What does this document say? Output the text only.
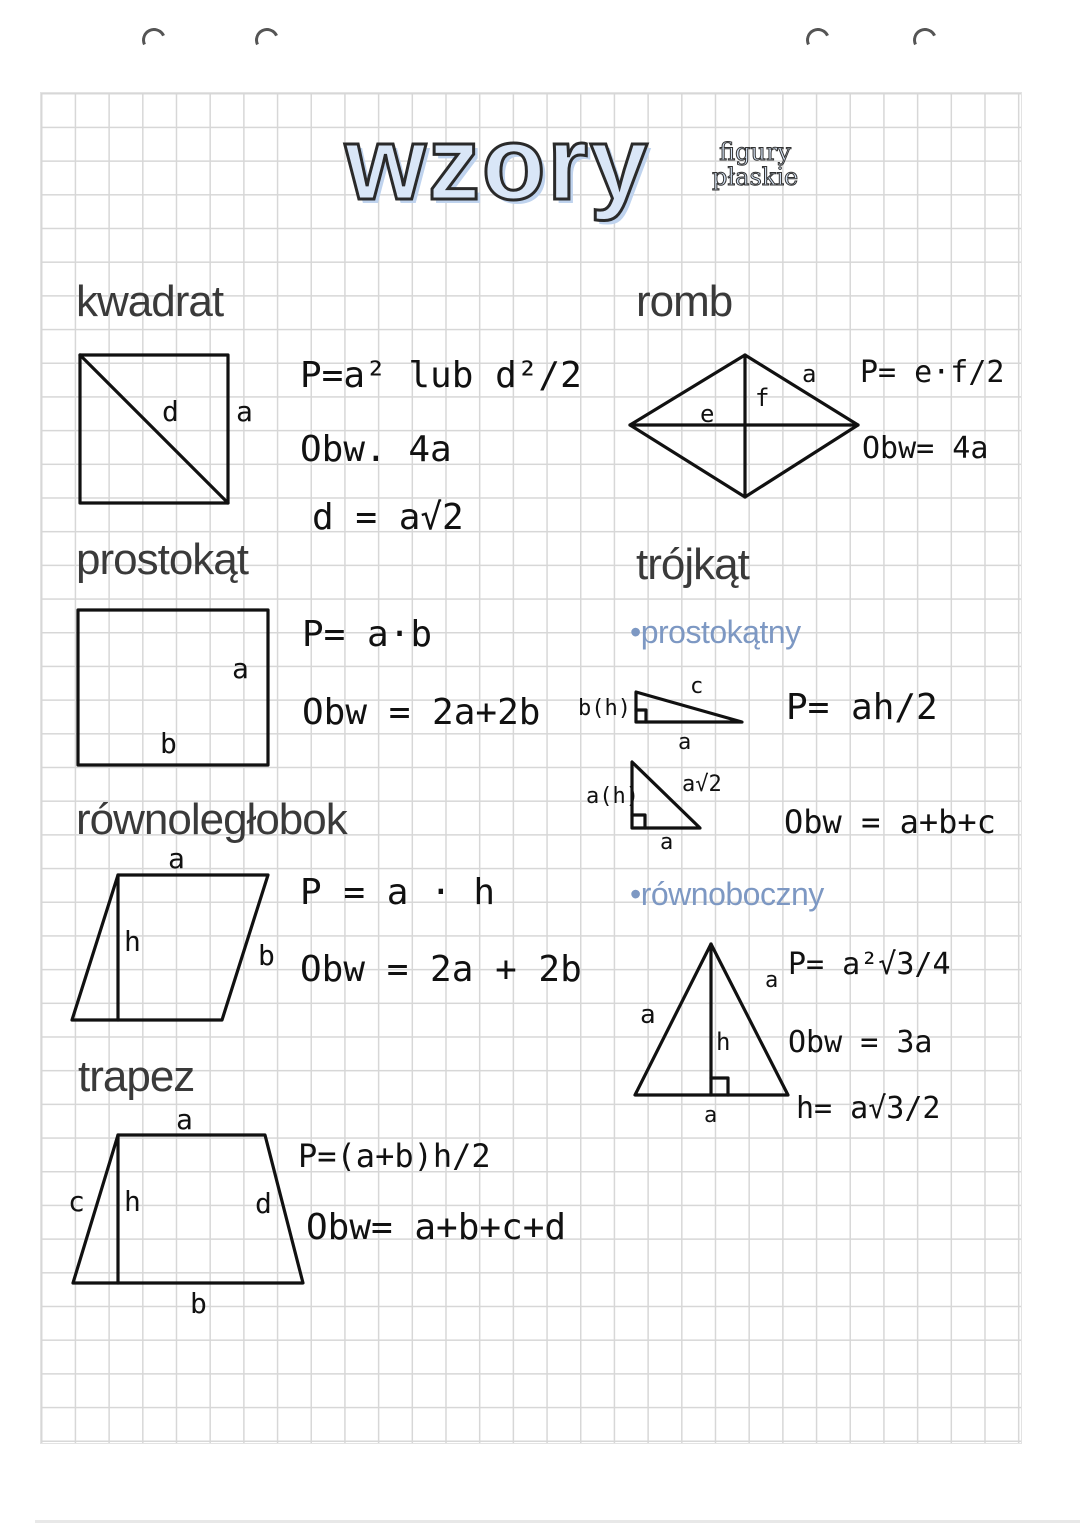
wzory	figury
płaskie
kwadrat
d a
P=a² lub d²/2
Obw. 4a
d = a√2
prostokąt
a
b
P= a·b
Obw = 2a+2b
równoległobok
a
h	b
P = a · h
Obw = 2a + 2b
trapez
a
c h	d
b
P=(a+b)h/2
Obw= a+b+c+d
romb
e
f
a P= e·f/2
Obw= 4a
trójkąt
•prostokątny
b(h)
c
a
a(h) a√2
a
P= ah/2
Obw = a+b+c
•równoboczny
a
a
h
a
P= a²√3/4
Obw = 3a
h= a√3/2
